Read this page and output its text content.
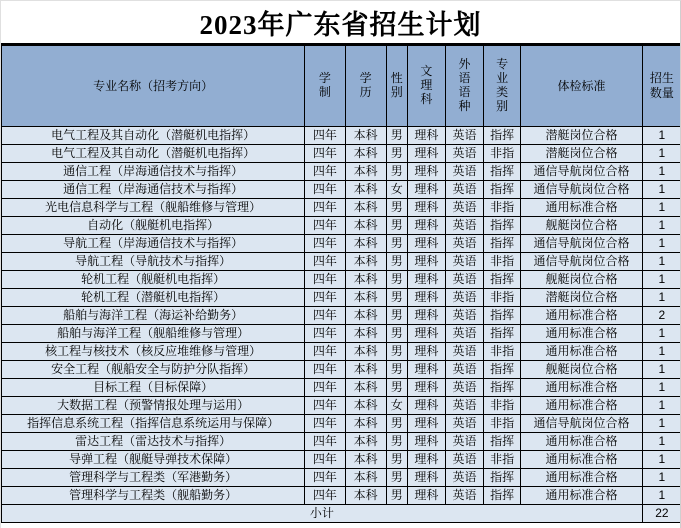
2023年广东省招生计划
专业名称（招考方向）	学制	学历	性别	文理科	外语语种	专业类别	体检标准	招生数量
电气工程及其自动化（潜艇机电指挥）	四年	本科	男	理科	英语	指挥	潜艇岗位合格	1
电气工程及其自动化（潜艇机电指挥）	四年	本科	男	理科	英语	非指	潜艇岗位合格	1
通信工程（岸海通信技术与指挥）	四年	本科	男	理科	英语	指挥	通信导航岗位合格	1
通信工程（岸海通信技术与指挥）	四年	本科	女	理科	英语	指挥	通信导航岗位合格	1
光电信息科学与工程（舰船维修与管理）	四年	本科	男	理科	英语	非指	通用标准合格	1
自动化（舰艇机电指挥）	四年	本科	男	理科	英语	指挥	舰艇岗位合格	1
导航工程（岸海通信技术与指挥）	四年	本科	男	理科	英语	指挥	通信导航岗位合格	1
导航工程（导航技术与指挥）	四年	本科	男	理科	英语	非指	通信导航岗位合格	1
轮机工程（舰艇机电指挥）	四年	本科	男	理科	英语	指挥	舰艇岗位合格	1
轮机工程（潜艇机电指挥）	四年	本科	男	理科	英语	非指	潜艇岗位合格	1
船舶与海洋工程（海运补给勤务）	四年	本科	男	理科	英语	指挥	通用标准合格	2
船舶与海洋工程（舰船维修与管理）	四年	本科	男	理科	英语	指挥	通用标准合格	1
核工程与核技术（核反应堆维修与管理）	四年	本科	男	理科	英语	非指	通用标准合格	1
安全工程（舰船安全与防护分队指挥）	四年	本科	男	理科	英语	指挥	舰艇岗位合格	1
目标工程（目标保障）	四年	本科	男	理科	英语	指挥	通用标准合格	1
大数据工程（预警情报处理与运用）	四年	本科	女	理科	英语	非指	通用标准合格	1
指挥信息系统工程（指挥信息系统运用与保障）	四年	本科	男	理科	英语	非指	通信导航岗位合格	1
雷达工程（雷达技术与指挥）	四年	本科	男	理科	英语	指挥	通用标准合格	1
导弹工程（舰艇导弹技术保障）	四年	本科	男	理科	英语	非指	通用标准合格	1
管理科学与工程类（军港勤务）	四年	本科	男	理科	英语	指挥	通用标准合格	1
管理科学与工程类（舰船勤务）	四年	本科	男	理科	英语	指挥	通用标准合格	1
小计								22
